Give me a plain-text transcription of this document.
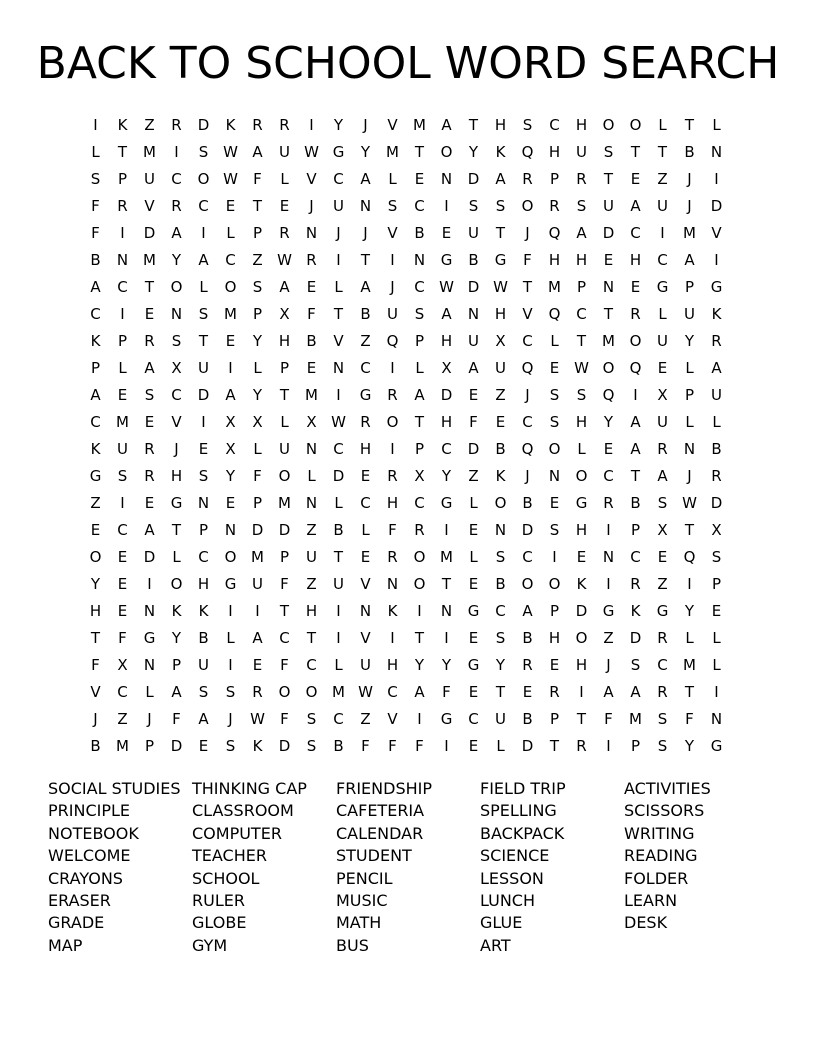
BACK TO SCHOOL WORD SEARCH
I	K	Z	R	D	K	R	R	I	Y	J	V	M	A	T	H	S	C	H	O	O	L	T	L
L	T	M	I	S W A	U W G	Y	M	T	O	Y	K	Q	H	U	S	T	T	B	N
S	P	U	C	O W	F	L	V	C	A	L	E	N	D	A	R	P	R	T	E	Z	J	I
F	R	V	R	C	E	T	E	J	U	N	S	C	I	S	S	O	R	S	U	A	U	J	D
F	I	D	A	I	L	P	R	N	J	J	V	B	E	U	T	J	Q	A	D	C	I	M	V
B	N M	Y	A	C	Z W R	I	T	I	N	G	B	G	F	H	H	E	H	C	A	I
A	C	T	O	L	O	S	A	E	L	A	J	C W D W T	M	P	N	E	G	P	G
C	I	E	N	S	M	P	X	F	T	B	U	S	A	N	H	V	Q	C	T	R	L	U	K
K	P	R	S	T	E	Y	H	B	V	Z	Q	P	H	U	X	C	L	T	M O	U	Y	R
P	L	A	X	U	I	L	P	E	N	C	I	L	X	A	U	Q	E W O	Q	E	L	A
A	E	S	C	D	A	Y	T	M	I	G	R	A	D	E	Z	J	S	S	Q	I	X	P	U
C	M	E	V	I	X	X	L	X W R	O	T	H	F	E	C	S	H	Y	A	U	L	L
K	U	R	J	E	X	L	U	N	C	H	I	P	C	D	B	Q	O	L	E	A	R	N	B
G	S	R	H	S	Y	F	O	L	D	E	R	X	Y	Z	K	J	N	O	C	T	A	J	R
Z	I	E	G	N	E	P	M N	L	C	H	C	G	L	O	B	E	G	R	B	S W D
E	C	A	T	P	N	D	D	Z	B	L	F	R	I	E	N	D	S	H	I	P	X	T	X
O	E	D	L	C	O M	P	U	T	E	R	O M	L	S	C	I	E	N	C	E	Q	S
Y	E	I	O	H	G	U	F	Z	U	V	N	O	T	E	B	O	O	K	I	R	Z	I	P
H	E	N	K	K	I	I	T	H	I	N	K	I	N	G	C	A	P	D	G	K	G	Y	E
T	F	G	Y	B	L	A	C	T	I	V	I	T	I	E	S	B	H	O	Z	D	R	L	L
F	X	N	P	U	I	E	F	C	L	U	H	Y	Y	G	Y	R	E	H	J	S	C	M	L
V	C	L	A	S	S	R	O	O M W C	A	F	E	T	E	R	I	A	A	R	T	I
J	Z	J	F	A	J	W	F	S	C	Z	V	I	G	C	U	B	P	T	F	M	S	F	N
B	M	P	D	E	S	K	D	S	B	F	F	F	I	E	L	D	T	R	I	P	S	Y	G
SOCIAL STUDIES
PRINCIPLE
NOTEBOOK
WELCOME
CRAYONS
ERASER
GRADE
MAP
THINKING CAP
CLASSROOM
COMPUTER
TEACHER
SCHOOL
RULER
GLOBE
GYM
FRIENDSHIP
CAFETERIA
CALENDAR
STUDENT
PENCIL
MUSIC
MATH
BUS
FIELD TRIP
SPELLING
BACKPACK
SCIENCE
LESSON
LUNCH
GLUE
ART
ACTIVITIES
SCISSORS
WRITING
READING
FOLDER
LEARN
DESK
